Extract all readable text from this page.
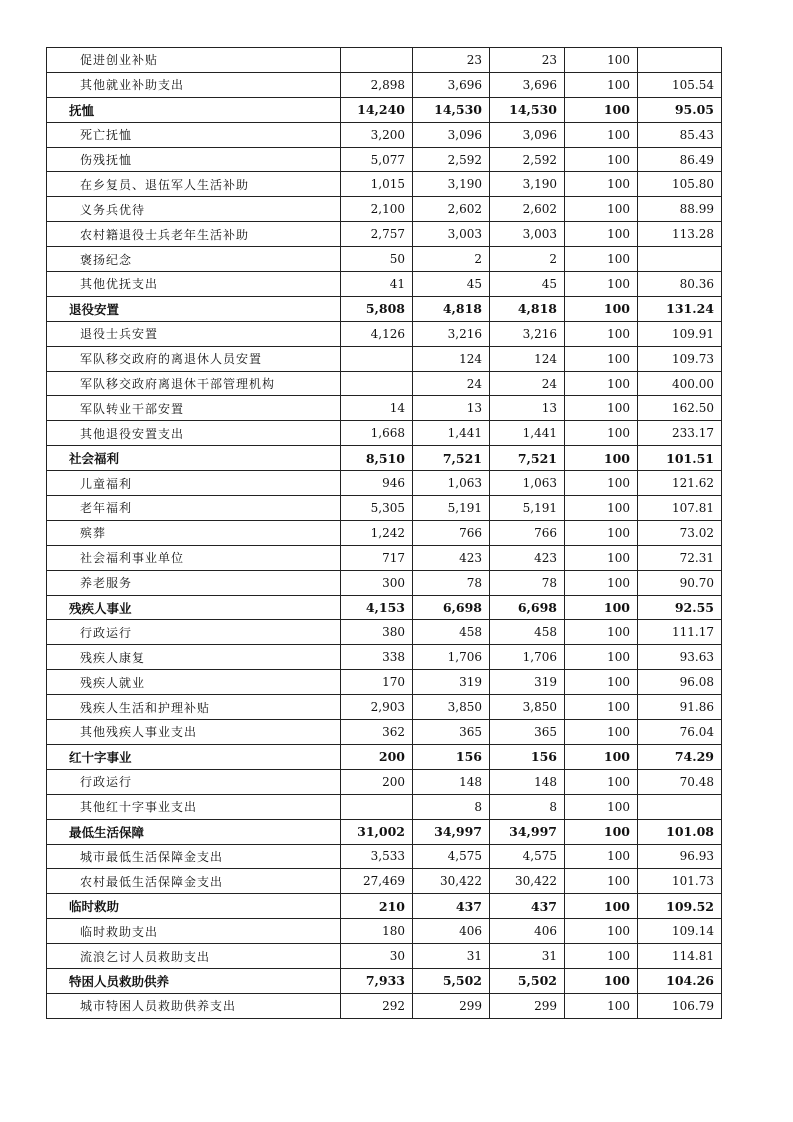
促进创业补贴		23	23	100	
其他就业补助支出	2,898	3,696	3,696	100	105.54
抚恤	14,240	14,530	14,530	100	95.05
死亡抚恤	3,200	3,096	3,096	100	85.43
伤残抚恤	5,077	2,592	2,592	100	86.49
在乡复员、退伍军人生活补助	1,015	3,190	3,190	100	105.80
义务兵优待	2,100	2,602	2,602	100	88.99
农村籍退役士兵老年生活补助	2,757	3,003	3,003	100	113.28
褒扬纪念	50	2	2	100	
其他优抚支出	41	45	45	100	80.36
退役安置	5,808	4,818	4,818	100	131.24
退役士兵安置	4,126	3,216	3,216	100	109.91
军队移交政府的离退休人员安置		124	124	100	109.73
军队移交政府离退休干部管理机构		24	24	100	400.00
军队转业干部安置	14	13	13	100	162.50
其他退役安置支出	1,668	1,441	1,441	100	233.17
社会福利	8,510	7,521	7,521	100	101.51
儿童福利	946	1,063	1,063	100	121.62
老年福利	5,305	5,191	5,191	100	107.81
殡葬	1,242	766	766	100	73.02
社会福利事业单位	717	423	423	100	72.31
养老服务	300	78	78	100	90.70
残疾人事业	4,153	6,698	6,698	100	92.55
行政运行	380	458	458	100	111.17
残疾人康复	338	1,706	1,706	100	93.63
残疾人就业	170	319	319	100	96.08
残疾人生活和护理补贴	2,903	3,850	3,850	100	91.86
其他残疾人事业支出	362	365	365	100	76.04
红十字事业	200	156	156	100	74.29
行政运行	200	148	148	100	70.48
其他红十字事业支出		8	8	100	
最低生活保障	31,002	34,997	34,997	100	101.08
城市最低生活保障金支出	3,533	4,575	4,575	100	96.93
农村最低生活保障金支出	27,469	30,422	30,422	100	101.73
临时救助	210	437	437	100	109.52
临时救助支出	180	406	406	100	109.14
流浪乞讨人员救助支出	30	31	31	100	114.81
特困人员救助供养	7,933	5,502	5,502	100	104.26
城市特困人员救助供养支出	292	299	299	100	106.79
